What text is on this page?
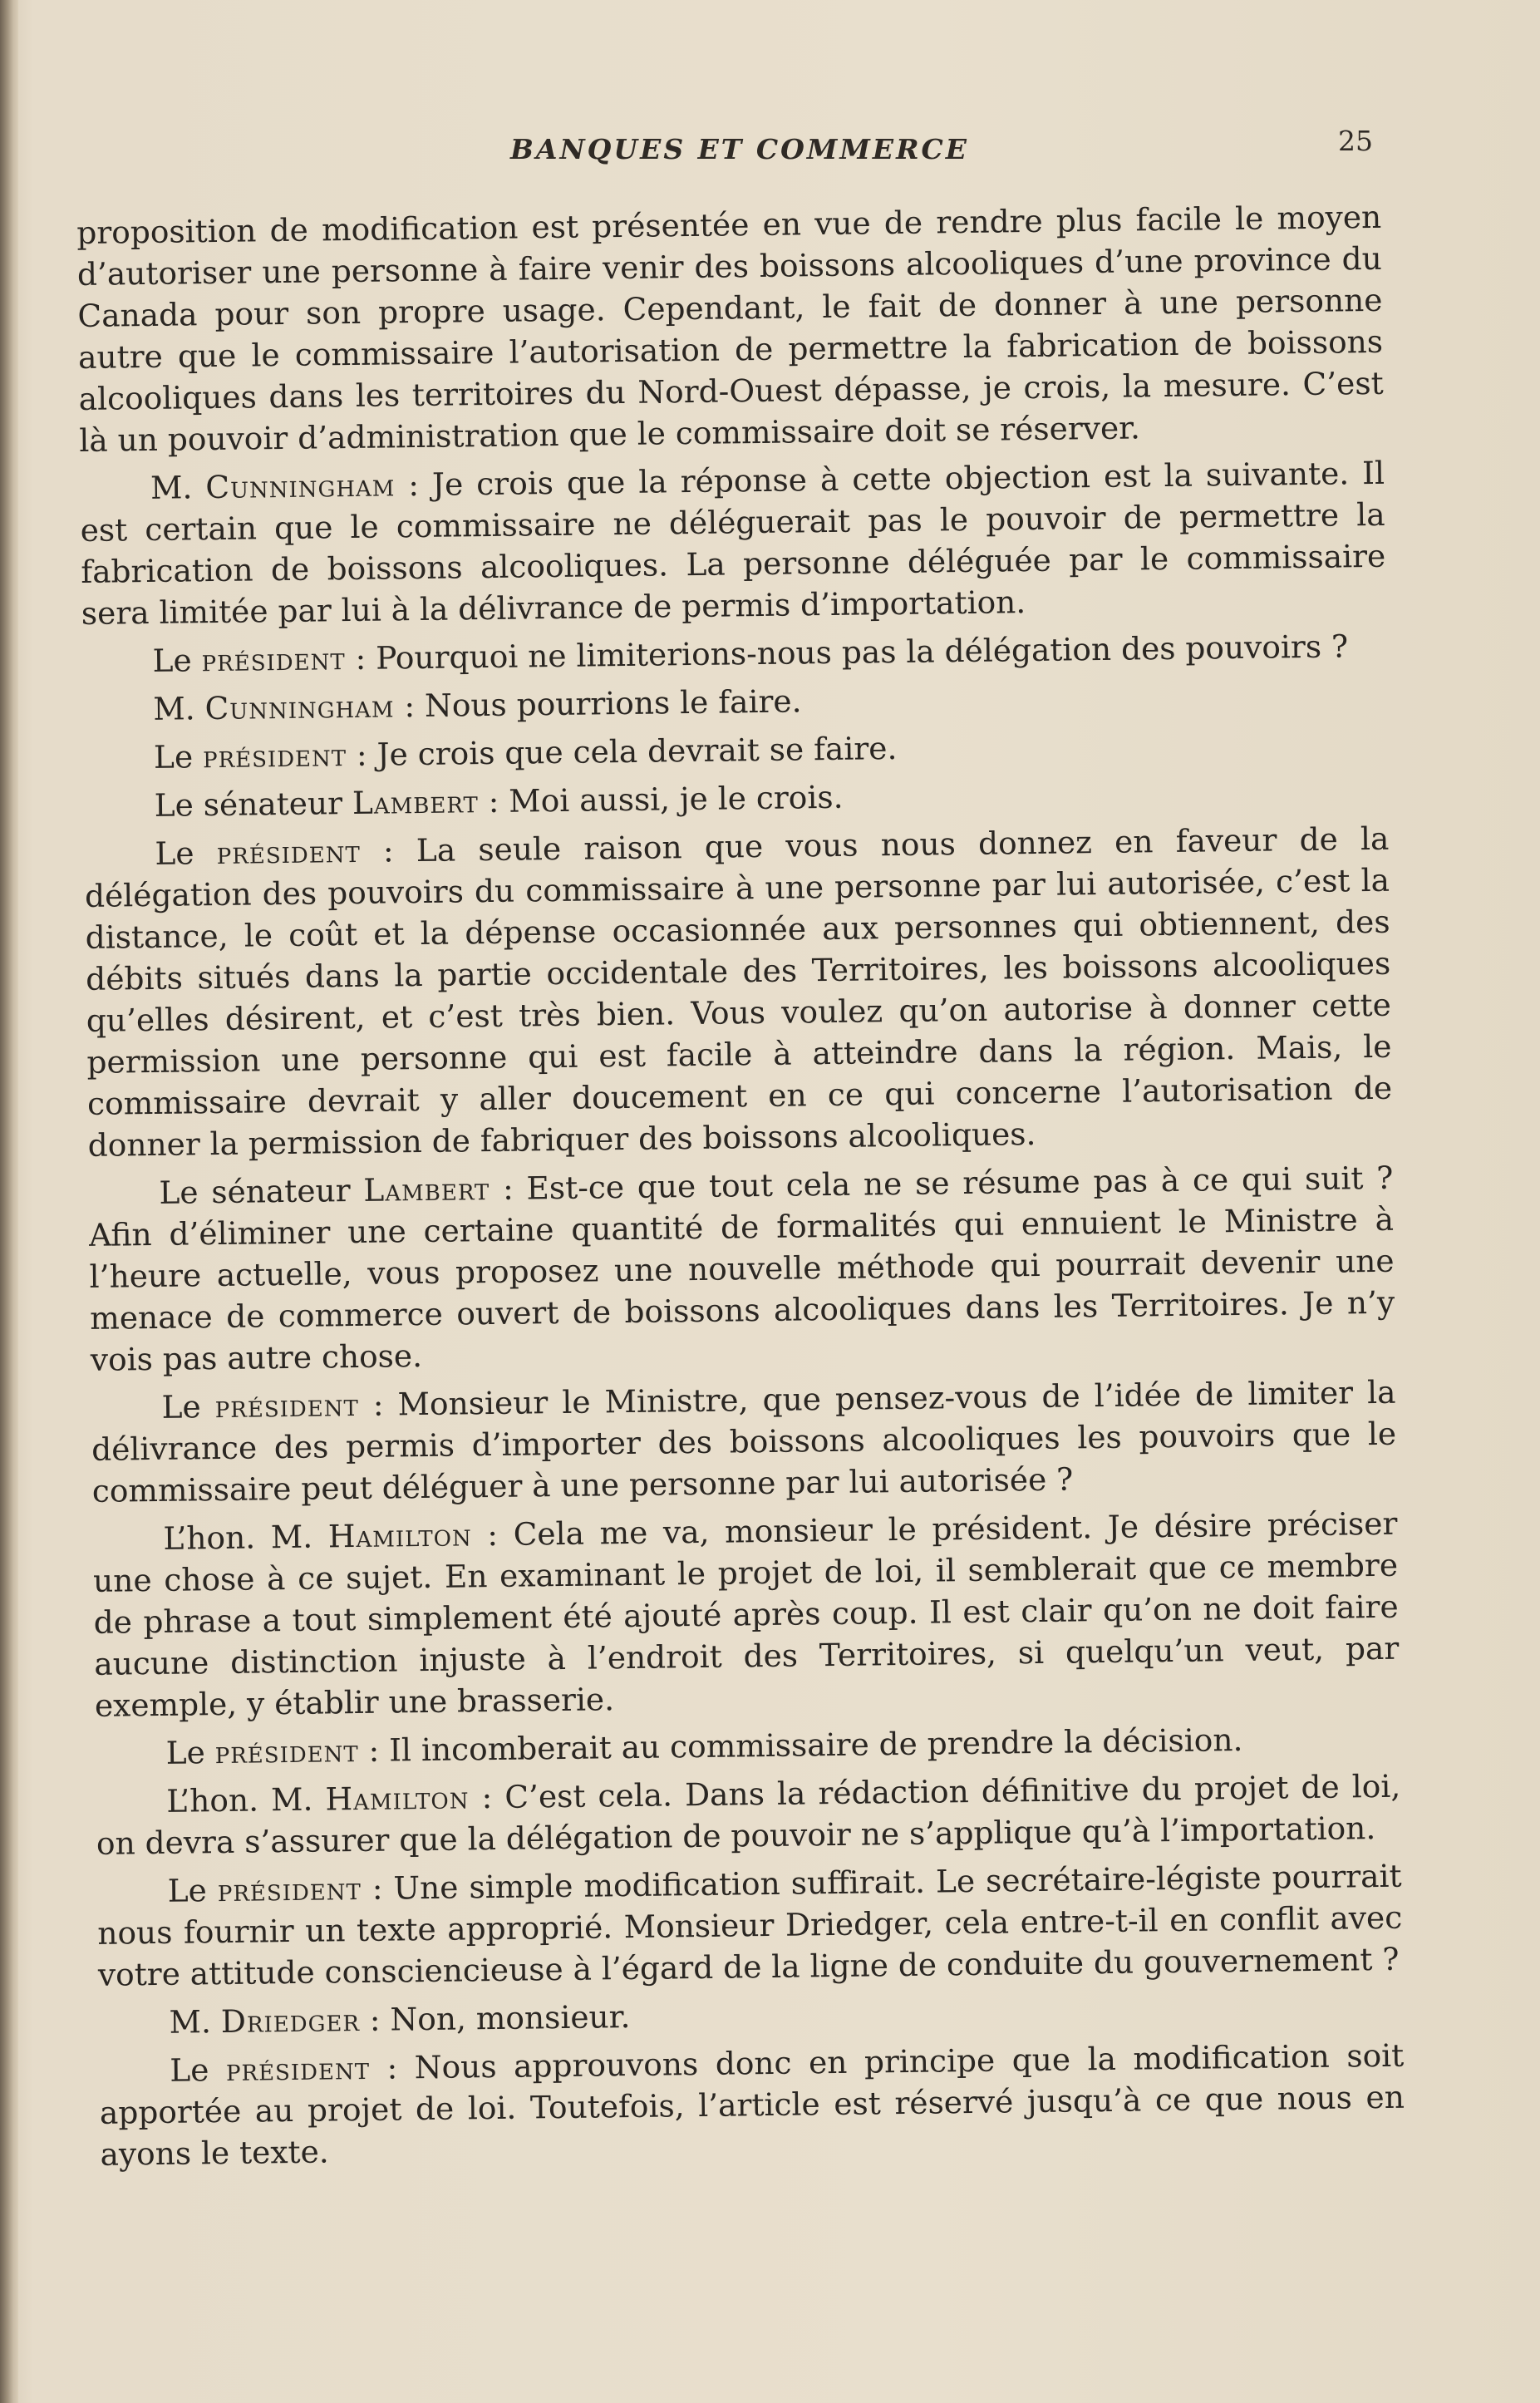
BANQUES ET COMMERCE	25

proposition de modification est présentée en vue de rendre plus facile le moyen d’autoriser une personne à faire venir des boissons alcooliques d’une province du Canada pour son propre usage. Cependant, le fait de donner à une personne autre que le commissaire l’autorisation de permettre la fabrication de boissons alcooliques dans les territoires du Nord-Ouest dépasse, je crois, la mesure. C’est là un pouvoir d’administration que le commissaire doit se réserver.

M. Cunningham : Je crois que la réponse à cette objection est la suivante. Il est certain que le commissaire ne déléguerait pas le pouvoir de permettre la fabrication de boissons alcooliques. La personne déléguée par le commissaire sera limitée par lui à la délivrance de permis d’importation.

Le président : Pourquoi ne limiterions-nous pas la délégation des pouvoirs ?

M. Cunningham : Nous pourrions le faire.

Le président : Je crois que cela devrait se faire.

Le sénateur Lambert : Moi aussi, je le crois.

Le président : La seule raison que vous nous donnez en faveur de la délégation des pouvoirs du commissaire à une personne par lui autorisée, c’est la distance, le coût et la dépense occasionnée aux personnes qui obtiennent, des débits situés dans la partie occidentale des Territoires, les boissons alcooliques qu’elles désirent, et c’est très bien. Vous voulez qu’on autorise à donner cette permission une personne qui est facile à atteindre dans la région. Mais, le commissaire devrait y aller doucement en ce qui concerne l’autorisation de donner la permission de fabriquer des boissons alcooliques.

Le sénateur Lambert : Est-ce que tout cela ne se résume pas à ce qui suit ? Afin d’éliminer une certaine quantité de formalités qui ennuient le Ministre à l’heure actuelle, vous proposez une nouvelle méthode qui pourrait devenir une menace de commerce ouvert de boissons alcooliques dans les Territoires. Je n’y vois pas autre chose.

Le président : Monsieur le Ministre, que pensez-vous de l’idée de limiter la délivrance des permis d’importer des boissons alcooliques les pouvoirs que le commissaire peut déléguer à une personne par lui autorisée ?

L’hon. M. Hamilton : Cela me va, monsieur le président. Je désire préciser une chose à ce sujet. En examinant le projet de loi, il semblerait que ce membre de phrase a tout simplement été ajouté après coup. Il est clair qu’on ne doit faire aucune distinction injuste à l’endroit des Territoires, si quelqu’un veut, par exemple, y établir une brasserie.

Le président : Il incomberait au commissaire de prendre la décision.

L’hon. M. Hamilton : C’est cela. Dans la rédaction définitive du projet de loi, on devra s’assurer que la délégation de pouvoir ne s’applique qu’à l’importation.

Le président : Une simple modification suffirait. Le secrétaire-légiste pourrait nous fournir un texte approprié. Monsieur Driedger, cela entre-t-il en conflit avec votre attitude consciencieuse à l’égard de la ligne de conduite du gouvernement ?

M. Driedger : Non, monsieur.

Le président : Nous approuvons donc en principe que la modification soit apportée au projet de loi. Toutefois, l’article est réservé jusqu’à ce que nous en ayons le texte.
